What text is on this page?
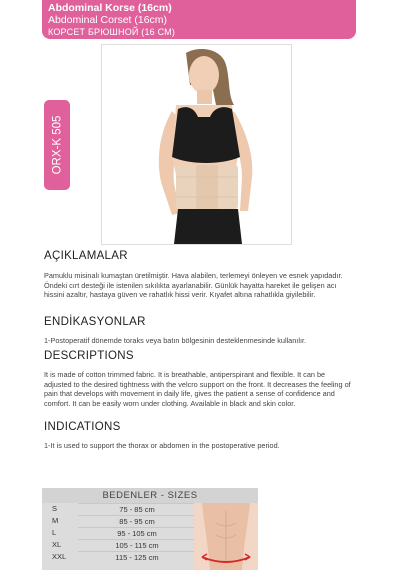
Abdominal Korse (16cm)
Abdominal Corset (16cm)
КОРСЕТ БРЮШНОЙ (16 СМ)
ORX-K 505
AÇIKLAMALAR
Pamuklu misinalı kumaştan üretilmiştir. Hava alabilen, terlemeyi önleyen ve esnek yapıdadır. Öndeki cırt desteği ile istenilen sıkılıkta ayarlanabilir. Günlük hayatta hareket ile gelişen acı hissini azaltır, hastaya güven ve rahatlık hissi verir. Kıyafet altına rahatlıkla giyilebilir.
ENDİKASYONLAR
1-Postoperatif dönemde toraks veya batın bölgesinin desteklenmesinde kullanılır.
DESCRIPTIONS
It is made of cotton trimmed fabric. It is breathable, antiperspirant and flexible. It can be adjusted to the desired tightness with the velcro support on the front. It decreases the feeling of pain that develops with movement in daily life, gives the patient a sense of confidence and comfort. It can be easily worn under clothing. Available in black and skin color.
INDICATIONS
1-It is used to support the thorax or abdomen in the postoperative period.
BEDENLER - SIZES
S	75 - 85 cm
M	85 - 95 cm
L	95 - 105 cm
XL	105 - 115 cm
XXL	115 - 125 cm
